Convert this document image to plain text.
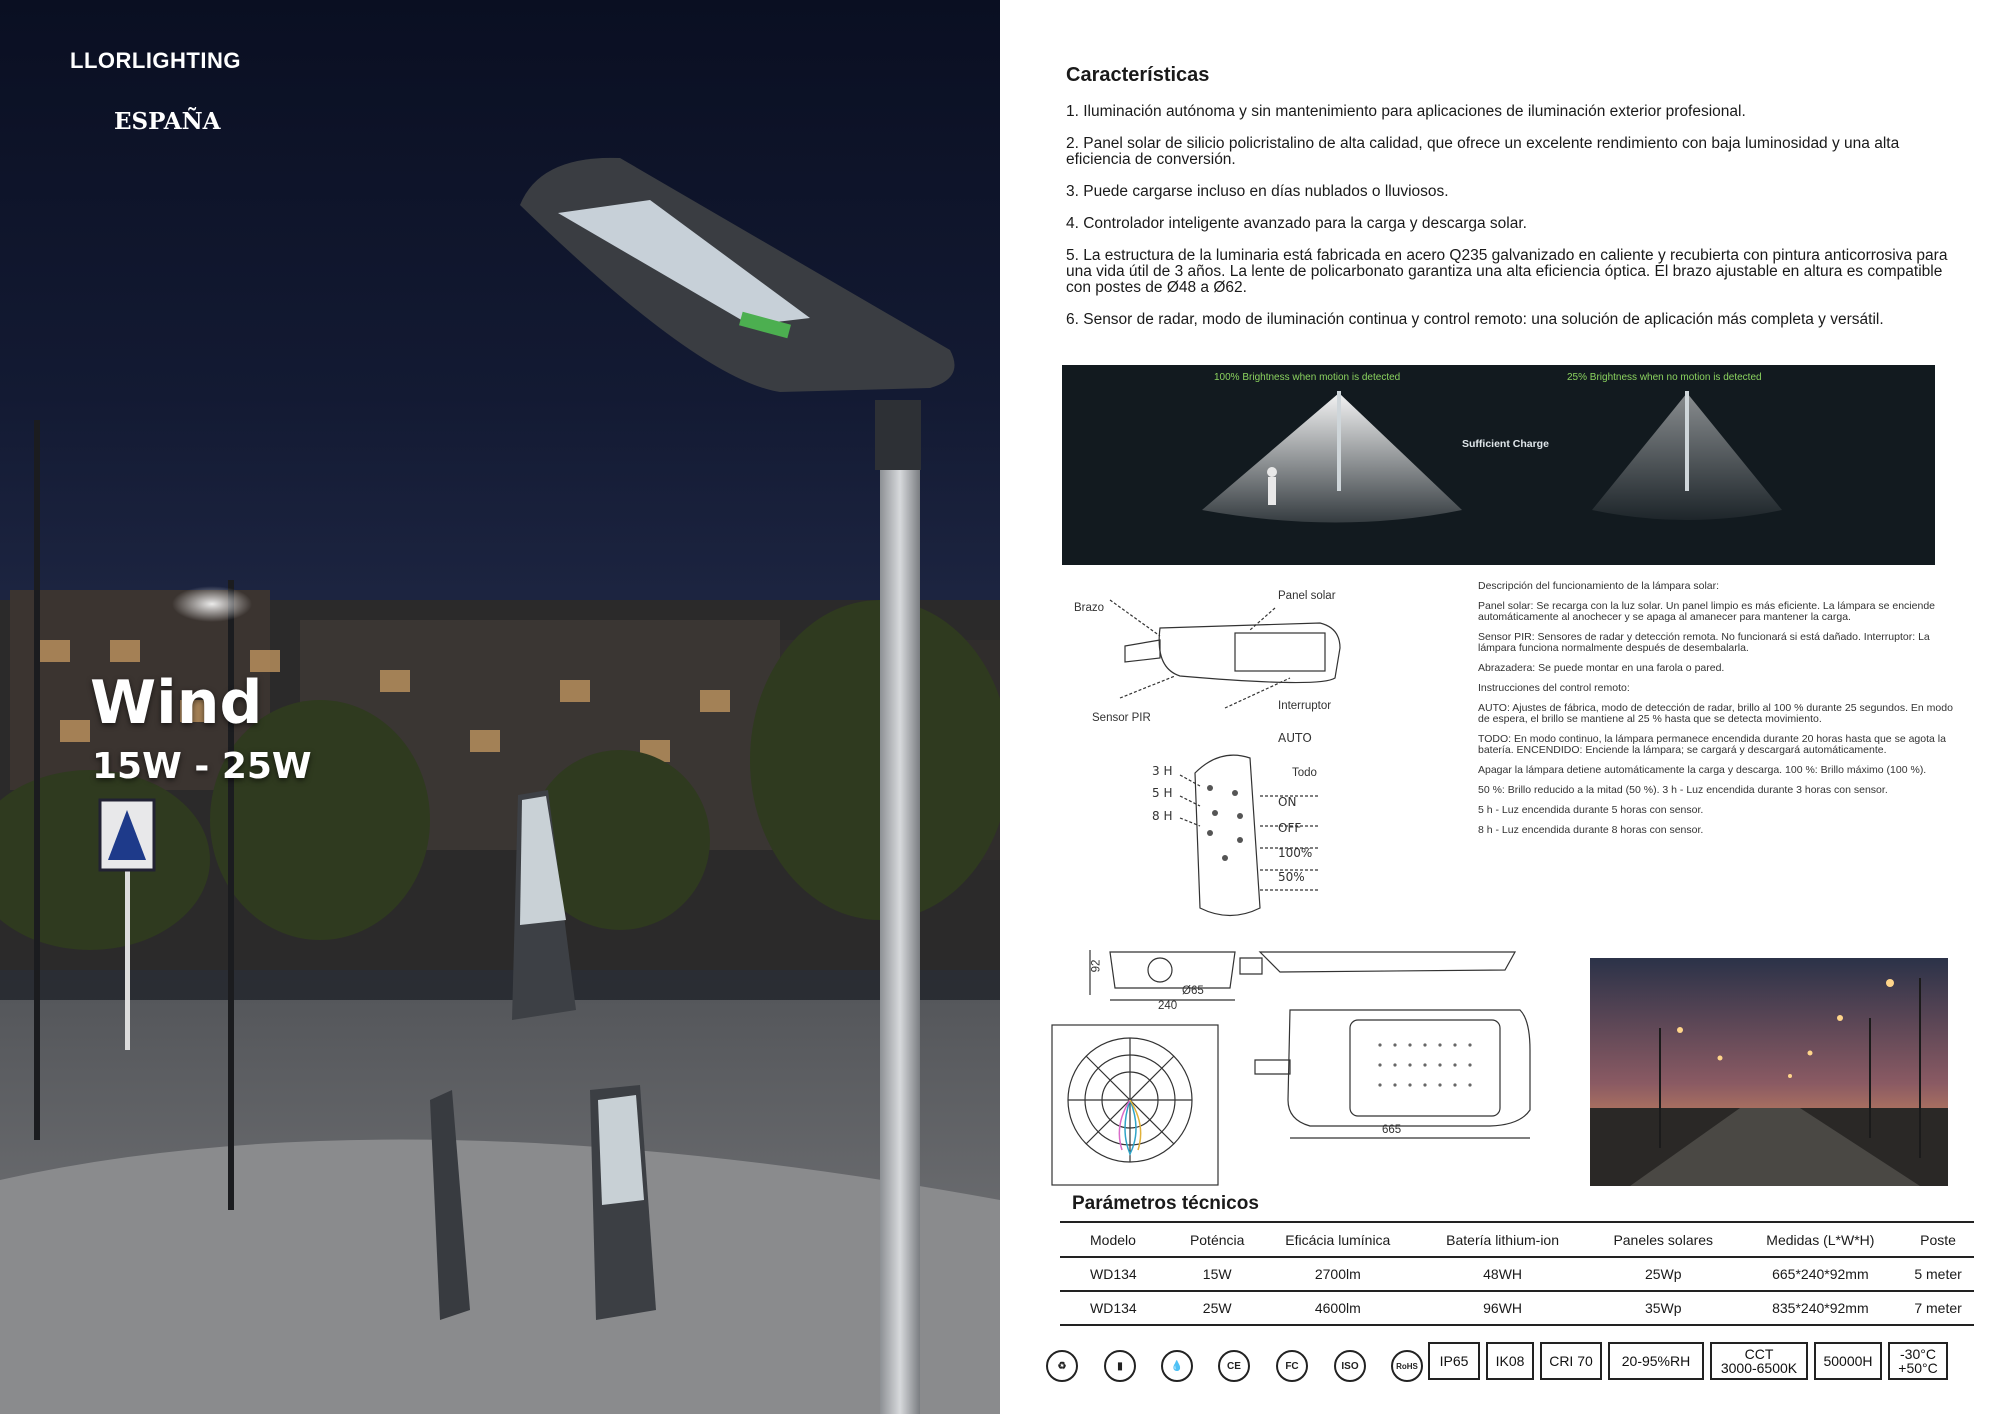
LLORLIGHTING
ESPAÑA
Wind
15W - 25W
Características
1. Iluminación autónoma y sin mantenimiento para aplicaciones de iluminación exterior profesional.
2. Panel solar de silicio policristalino de alta calidad, que ofrece un excelente rendimiento con baja luminosidad y una alta eficiencia de conversión.
3. Puede cargarse incluso en días nublados o lluviosos.
4. Controlador inteligente avanzado para la carga y descarga solar.
5. La estructura de la luminaria está fabricada en acero Q235 galvanizado en caliente y recubierta con pintura anticorrosiva para una vida útil de 3 años. La lente de policarbonato garantiza una alta eficiencia óptica. El brazo ajustable en altura es compatible con postes de Ø48 a Ø62.
6. Sensor de radar, modo de iluminación continua y control remoto: una solución de aplicación más completa y versátil.
100% Brightness when motion is detected	25% Brightness when no motion is detected
Sufficient Charge
Brazo
Panel solar
Sensor PIR
Interruptor
AUTO
Todo
ON
OFF
100%
50%
3 H
5 H
8 H

Descripción del funcionamiento de la lámpara solar:

Panel solar: Se recarga con la luz solar. Un panel limpio es más eficiente. La lámpara se enciende automáticamente al anochecer y se apaga al amanecer para mantener la carga.

Sensor PIR: Sensores de radar y detección remota. No funcionará si está dañado. Interruptor: La lámpara funciona normalmente después de desembalarla.

Abrazadera: Se puede montar en una farola o pared.

Instrucciones del control remoto:

AUTO: Ajustes de fábrica, modo de detección de radar, brillo al 100 % durante 25 segundos. En modo de espera, el brillo se mantiene al 25 % hasta que se detecta movimiento.

TODO: En modo continuo, la lámpara permanece encendida durante 20 horas hasta que se agota la batería. ENCENDIDO: Enciende la lámpara; se cargará y descargará automáticamente.

Apagar la lámpara detiene automáticamente la carga y descarga. 100 %: Brillo máximo (100 %).

50 %: Brillo reducido a la mitad (50 %). 3 h - Luz encendida durante 3 horas con sensor.

5 h - Luz encendida durante 5 horas con sensor.

8 h - Luz encendida durante 8 horas con sensor.

92
240
Ø65
665
Parámetros técnicos
Modelo	Poténcia	Eficácia lumínica	Batería lithium-ion	Paneles solares	Medidas (L*W*H)	Poste
WD134	15W	2700lm	48WH	25Wp	665*240*92mm	5 meter
WD134	25W	4600lm	96WH	35Wp	835*240*92mm	7 meter
♻	▮	💧	CE	FC	ISO	RoHS	IP65	IK08	CRI 70	20-95%RH	CCT
3000-6500K	50000H	-30°C
+50°C
